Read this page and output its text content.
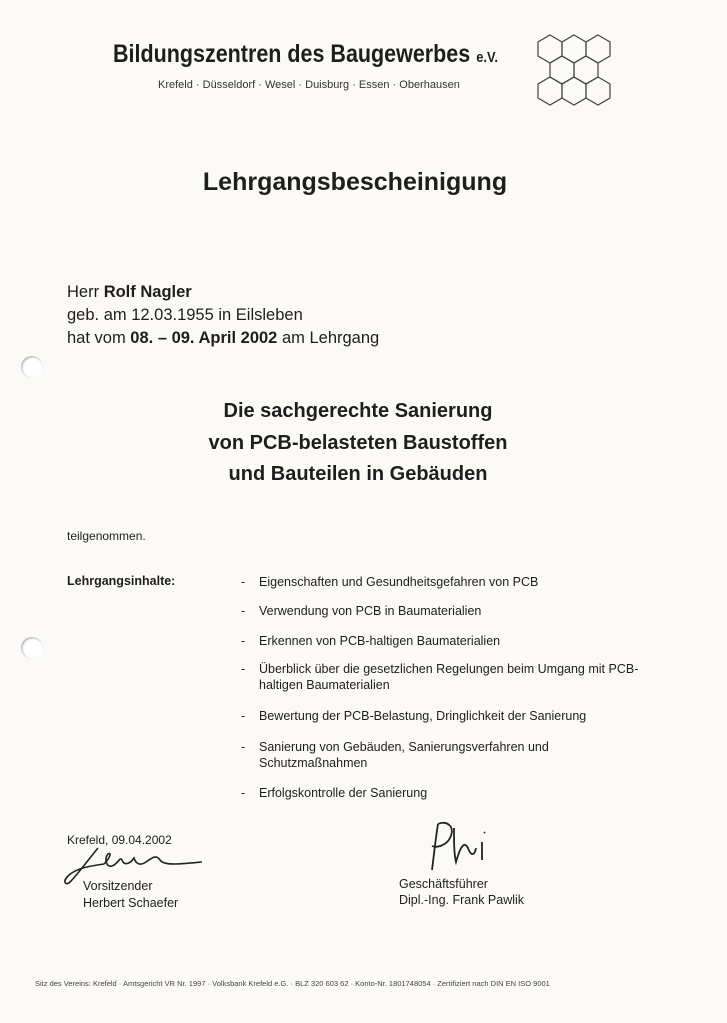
Bildungszentren des Baugewerbes e.V.
Krefeld · Düsseldorf · Wesel · Duisburg · Essen · Oberhausen
Lehrgangsbescheinigung
Herr Rolf Nagler
geb. am 12.03.1955 in Eilsleben
hat vom 08. – 09. April 2002 am Lehrgang
Die sachgerechte Sanierung
von PCB-belasteten Baustoffen
und Bauteilen in Gebäuden
teilgenommen.
Lehrgangsinhalte:	- Eigenschaften und Gesundheitsgefahren von PCB
- Verwendung von PCB in Baumaterialien
- Erkennen von PCB-haltigen Baumaterialien
- Überblick über die gesetzlichen Regelungen beim Umgang mit PCB-haltigen Baumaterialien
- Bewertung der PCB-Belastung, Dringlichkeit der Sanierung
- Sanierung von Gebäuden, Sanierungsverfahren und Schutzmaßnahmen
- Erfolgskontrolle der Sanierung
Krefeld, 09.04.2002
Vorsitzender
Herbert Schaefer
Geschäftsführer
Dipl.-Ing. Frank Pawlik
Sitz des Vereins: Krefeld · Amtsgericht VR Nr. 1997 · Volksbank Krefeld e.G. · BLZ 320 603 62 · Konto-Nr. 1801748054 · Zertifiziert nach DIN EN ISO 9001
